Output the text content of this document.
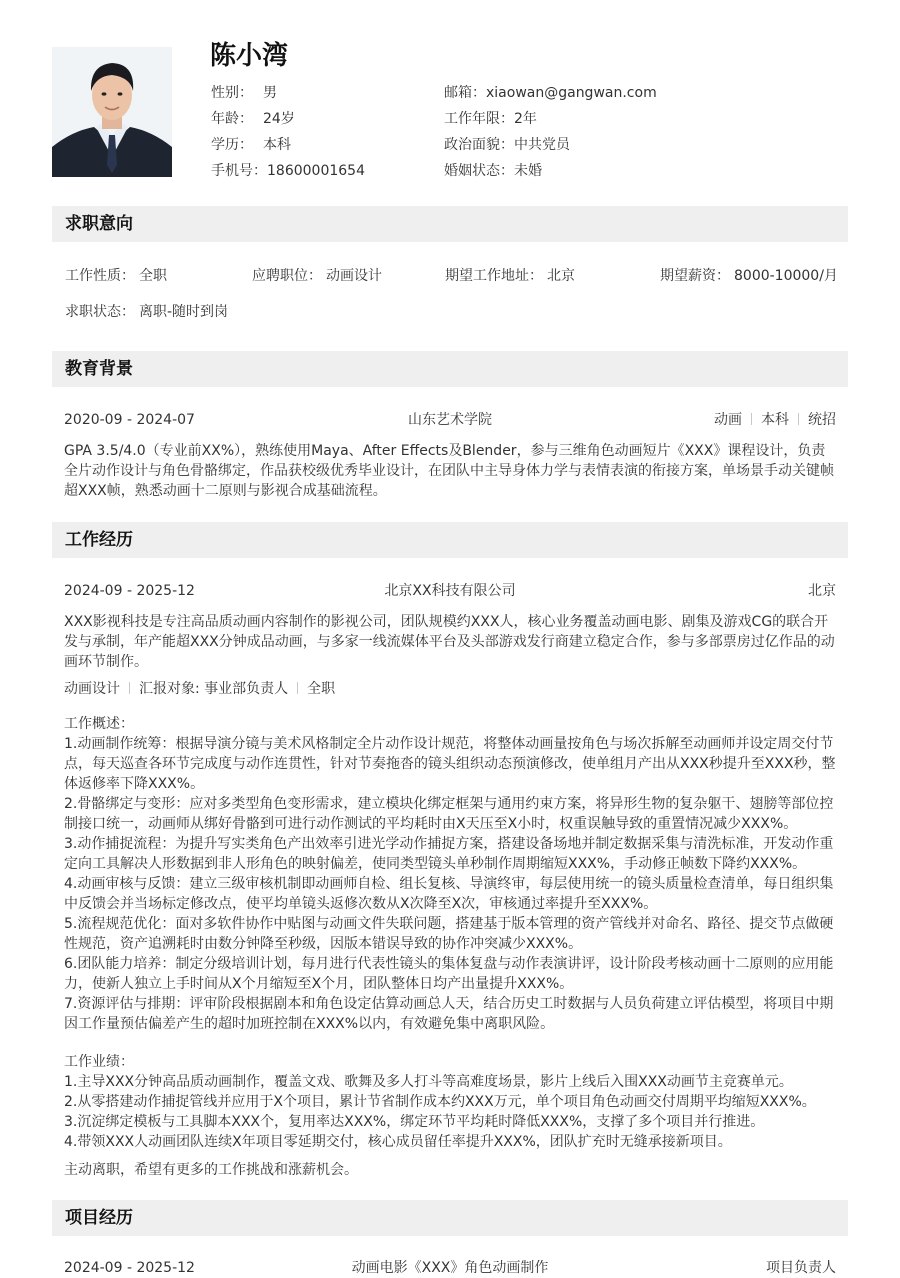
陈小湾
性别： 男
年龄： 24岁
学历： 本科
手机号：18600001654
邮箱：xiaowan@gangwan.com
工作年限：2年
政治面貌：中共党员
婚姻状态：未婚
求职意向
工作性质： 全职	应聘职位： 动画设计	期望工作地址： 北京	期望薪资： 8000-10000/月
求职状态： 离职-随时到岗
教育背景
2020-09 - 2024-07	山东艺术学院	动画 本科 统招
GPA 3.5/4.0（专业前XX%），熟练使用Maya、After Effects及Blender，参与三维角色动画短片《XXX》课程设计，负责全片动作设计与角色骨骼绑定，作品获校级优秀毕业设计，在团队中主导身体力学与表情表演的衔接方案，单场景手动关键帧超XXX帧，熟悉动画十二原则与影视合成基础流程。
工作经历
2024-09 - 2025-12	北京XX科技有限公司	北京
XXX影视科技是专注高品质动画内容制作的影视公司，团队规模约XXX人，核心业务覆盖动画电影、剧集及游戏CG的联合开发与承制，年产能超XXX分钟成品动画，与多家一线流媒体平台及头部游戏发行商建立稳定合作，参与多部票房过亿作品的动画环节制作。
动画设计 汇报对象: 事业部负责人 全职
工作概述：
1.动画制作统筹：根据导演分镜与美术风格制定全片动作设计规范，将整体动画量按角色与场次拆解至动画师并设定周交付节点，每天巡查各环节完成度与动作连贯性，针对节奏拖沓的镜头组织动态预演修改，使单组月产出从XXX秒提升至XXX秒，整体返修率下降XXX%。
2.骨骼绑定与变形：应对多类型角色变形需求，建立模块化绑定框架与通用约束方案，将异形生物的复杂躯干、翅膀等部位控制接口统一，动画师从绑好骨骼到可进行动作测试的平均耗时由X天压至X小时，权重误触导致的重置情况减少XXX%。
3.动作捕捉流程：为提升写实类角色产出效率引进光学动作捕捉方案，搭建设备场地并制定数据采集与清洗标准，开发动作重定向工具解决人形数据到非人形角色的映射偏差，使同类型镜头单秒制作周期缩短XXX%，手动修正帧数下降约XXX%。
4.动画审核与反馈：建立三级审核机制即动画师自检、组长复核、导演终审，每层使用统一的镜头质量检查清单，每日组织集中反馈会并当场标定修改点，使平均单镜头返修次数从X次降至X次，审核通过率提升至XXX%。
5.流程规范优化：面对多软件协作中贴图与动画文件失联问题，搭建基于版本管理的资产管线并对命名、路径、提交节点做硬性规范，资产追溯耗时由数分钟降至秒级，因版本错误导致的协作冲突减少XXX%。
6.团队能力培养：制定分级培训计划，每月进行代表性镜头的集体复盘与动作表演讲评，设计阶段考核动画十二原则的应用能力，使新人独立上手时间从X个月缩短至X个月，团队整体日均产出量提升XXX%。
7.资源评估与排期：评审阶段根据剧本和角色设定估算动画总人天，结合历史工时数据与人员负荷建立评估模型，将项目中期因工作量预估偏差产生的超时加班控制在XXX%以内，有效避免集中离职风险。
工作业绩：
1.主导XXX分钟高品质动画制作，覆盖文戏、歌舞及多人打斗等高难度场景，影片上线后入围XXX动画节主竞赛单元。
2.从零搭建动作捕捉管线并应用于X个项目，累计节省制作成本约XXX万元，单个项目角色动画交付周期平均缩短XXX%。
3.沉淀绑定模板与工具脚本XXX个，复用率达XXX%，绑定环节平均耗时降低XXX%，支撑了多个项目并行推进。
4.带领XXX人动画团队连续X年项目零延期交付，核心成员留任率提升XXX%，团队扩充时无缝承接新项目。
主动离职，希望有更多的工作挑战和涨薪机会。
项目经历
2024-09 - 2025-12	动画电影《XXX》角色动画制作	项目负责人
